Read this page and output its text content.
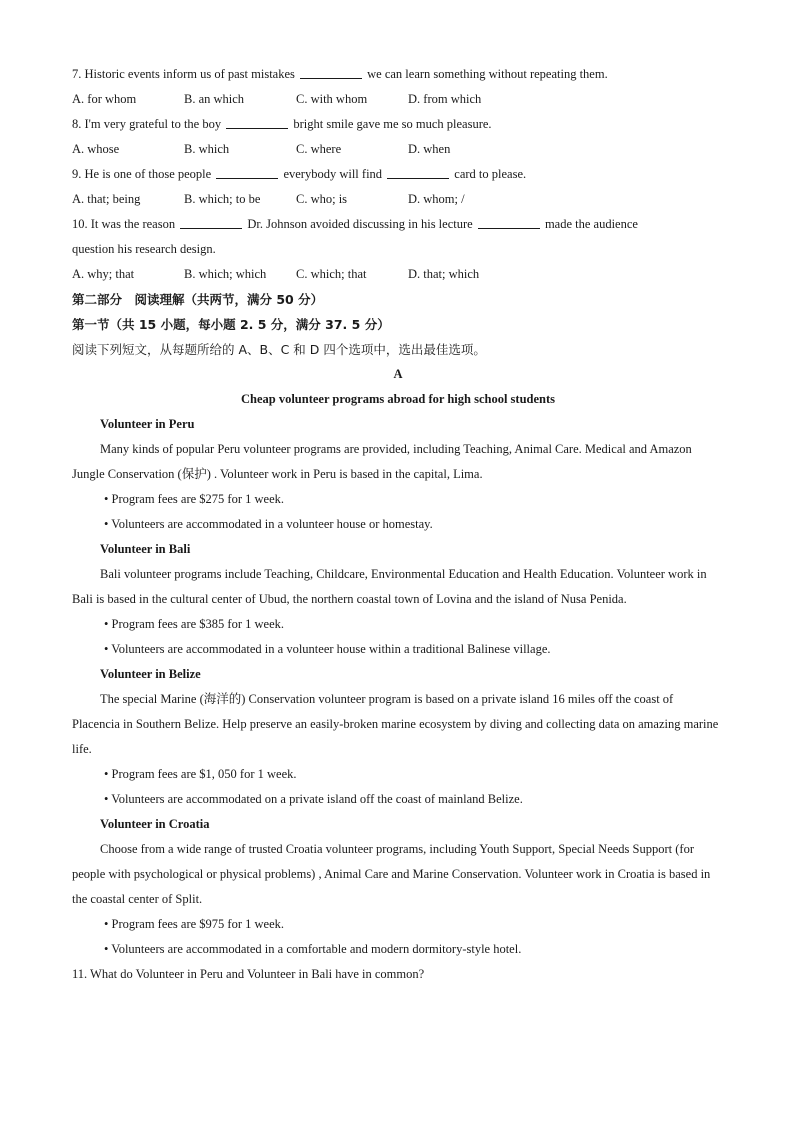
7. Historic events inform us of past mistakes	we can learn something without repeating them.
A. for whom	B. an which	C. with whom	D. from which
8. I'm very grateful to the boy	bright smile gave me so much pleasure.
A. whose	B. which	C. where	D. when
9. He is one of those people	everybody will find	card to please.
A. that; being	B. which; to be	C. who; is	D. whom; /
10. It was the reason	Dr. Johnson avoided discussing in his lecture	made the audience
question his research design.
A. why; that	B. which; which	C. which; that	D. that; which
第二部分　阅读理解（共两节，满分 50 分）
第一节（共 15 小题，每小题 2. 5 分，满分 37. 5 分）
阅读下列短文，从每题所给的 A、B、C 和 D 四个选项中，选出最佳选项。
A
Cheap volunteer programs abroad for high school students
Volunteer in Peru
Many kinds of popular Peru volunteer programs are provided, including Teaching, Animal Care. Medical and Amazon Jungle Conservation (保护) . Volunteer work in Peru is based in the capital, Lima.
• Program fees are $275 for 1 week.
• Volunteers are accommodated in a volunteer house or homestay.
Volunteer in Bali
Bali volunteer programs include Teaching, Childcare, Environmental Education and Health Education. Volunteer work in Bali is based in the cultural center of Ubud, the northern coastal town of Lovina and the island of Nusa Penida.
• Program fees are $385 for 1 week.
• Volunteers are accommodated in a volunteer house within a traditional Balinese village.
Volunteer in Belize
The special Marine (海洋的) Conservation volunteer program is based on a private island 16 miles off the coast of Placencia in Southern Belize. Help preserve an easily-broken marine ecosystem by diving and collecting data on amazing marine life.
• Program fees are $1, 050 for 1 week.
• Volunteers are accommodated on a private island off the coast of mainland Belize.
Volunteer in Croatia
Choose from a wide range of trusted Croatia volunteer programs, including Youth Support, Special Needs Support (for people with psychological or physical problems) , Animal Care and Marine Conservation. Volunteer work in Croatia is based in the coastal center of Split.
• Program fees are $975 for 1 week.
• Volunteers are accommodated in a comfortable and modern dormitory-style hotel.
11. What do Volunteer in Peru and Volunteer in Bali have in common?
